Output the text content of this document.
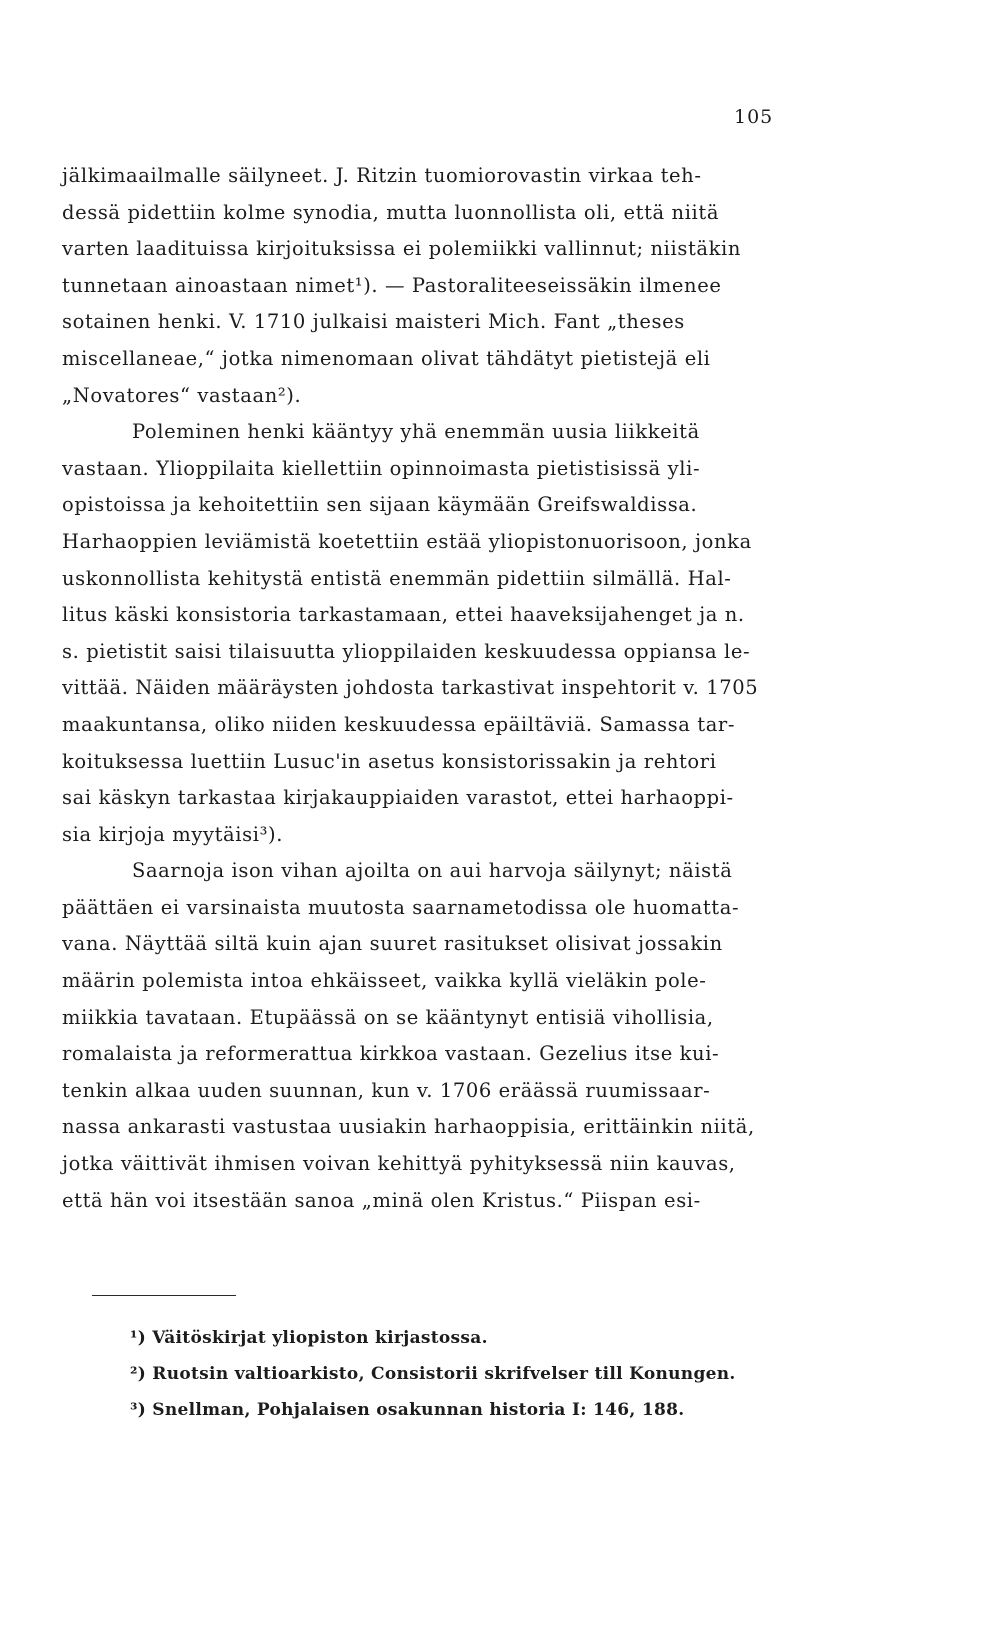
105
jälkimaailmalle säilyneet. J. Ritzin tuomiorovastin virkaa teh-
dessä pidettiin kolme synodia, mutta luonnollista oli, että niitä
varten laadituissa kirjoituksissa ei polemiikki vallinnut; niistäkin
tunnetaan ainoastaan nimet¹). — Pastoraliteeseissäkin ilmenee
sotainen henki. V. 1710 julkaisi maisteri Mich. Fant „theses
miscellaneae,“ jotka nimenomaan olivat tähdätyt pietistejä eli
„Novatores“ vastaan²).
Poleminen henki kääntyy yhä enemmän uusia liikkeitä
vastaan. Ylioppilaita kiellettiin opinnoimasta pietistisissä yli-
opistoissa ja kehoitettiin sen sijaan käymään Greifswaldissa.
Harhaoppien leviämistä koetettiin estää yliopistonuorisoon, jonka
uskonnollista kehitystä entistä enemmän pidettiin silmällä. Hal-
litus käski konsistoria tarkastamaan, ettei haaveksijahenget ja n.
s. pietistit saisi tilaisuutta ylioppilaiden keskuudessa oppiansa le-
vittää. Näiden määräysten johdosta tarkastivat inspehtorit v. 1705
maakuntansa, oliko niiden keskuudessa epäiltäviä. Samassa tar-
koituksessa luettiin Lusuc'in asetus konsistorissakin ja rehtori
sai käskyn tarkastaa kirjakauppiaiden varastot, ettei harhaoppi-
sia kirjoja myytäisi³).
Saarnoja ison vihan ajoilta on aui harvoja säilynyt; näistä
päättäen ei varsinaista muutosta saarnametodissa ole huomatta-
vana. Näyttää siltä kuin ajan suuret rasitukset olisivat jossakin
määrin polemista intoa ehkäisseet, vaikka kyllä vieläkin pole-
miikkia tavataan. Etupäässä on se kääntynyt entisiä vihollisia,
romalaista ja reformerattua kirkkoa vastaan. Gezelius itse kui-
tenkin alkaa uuden suunnan, kun v. 1706 eräässä ruumissaar-
nassa ankarasti vastustaa uusiakin harhaoppisia, erittäinkin niitä,
jotka väittivät ihmisen voivan kehittyä pyhityksessä niin kauvas,
että hän voi itsestään sanoa „minä olen Kristus.“ Piispan esi-
¹) Väitöskirjat yliopiston kirjastossa.
²) Ruotsin valtioarkisto, Consistorii skrifvelser till Konungen.
³) Snellman, Pohjalaisen osakunnan historia I: 146, 188.
